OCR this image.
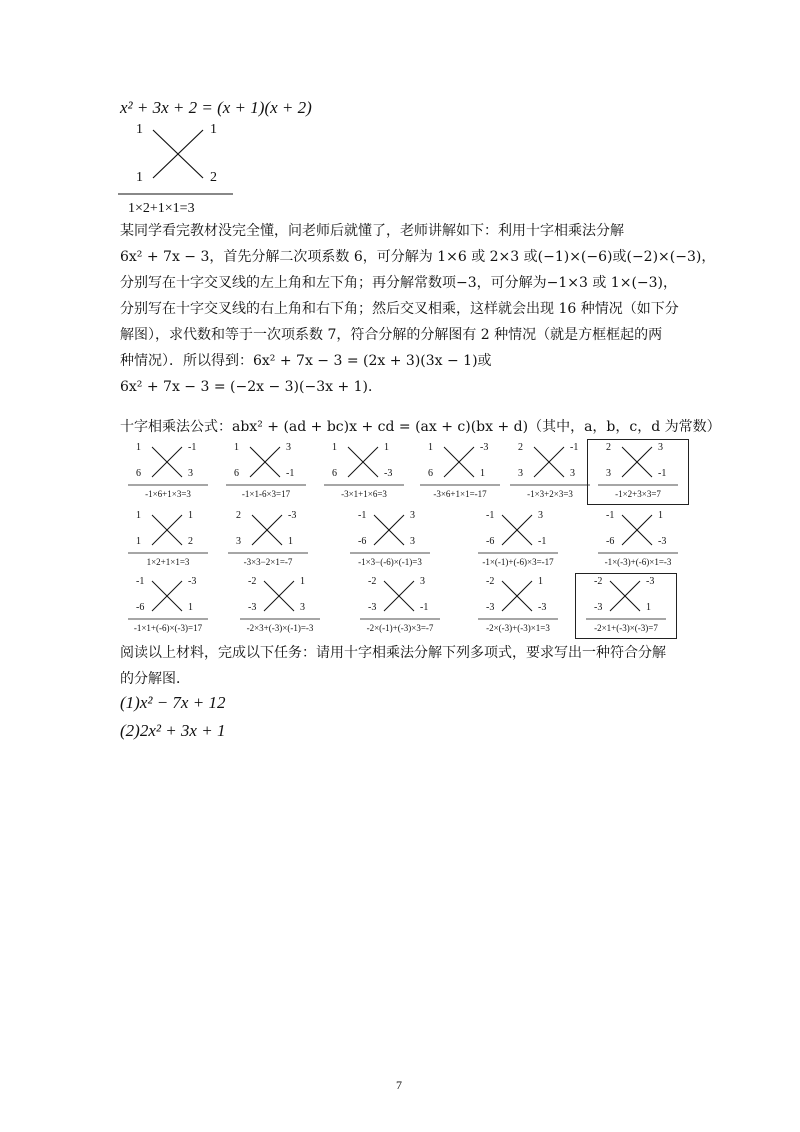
x² + 3x + 2 = (x + 1)(x + 2)
1	1
1	2
1×2+1×1=3
某同学看完教材没完全懂，问老师后就懂了，老师讲解如下：利用十字相乘法分解
6x² + 7x − 3，首先分解二次项系数 6，可分解为 1×6 或 2×3 或(−1)×(−6)或(−2)×(−3)，
分别写在十字交叉线的左上角和左下角；再分解常数项−3，可分解为−1×3 或 1×(−3)，
分别写在十字交叉线的右上角和右下角；然后交叉相乘，这样就会出现 16 种情况（如下分
解图），求代数和等于一次项系数 7，符合分解的分解图有 2 种情况（就是方框框起的两
种情况）．所以得到：6x² + 7x − 3 = (2x + 3)(3x − 1)或
6x² + 7x − 3 = (−2x − 3)(−3x + 1)．
十字相乘法公式：abx² + (ad + bc)x + cd = (ax + c)(bx + d)（其中，a，b，c，d 为常数）
1	-1
6	3
-1×6+1×3=3
1	3
6	-1
-1×1-6×3=17
1	1
6	-3
-3×1+1×6=3
1	-3
6	1
-3×6+1×1=-17
2	-1
3	3
-1×3+2×3=3
2	3
3	-1
-1×2+3×3=7
1	1
1	2
1×2+1×1=3
2	-3
3	1
-3×3−2×1=-7
-1	3
-6	3
-1×3−(-6)×(-1)=3
-1	3
-6	-1
-1×(-1)+(-6)×3=-17
-1	1
-6	-3
-1×(-3)+(-6)×1=-3
-1	-3
-6	1
-1×1+(-6)×(-3)=17
-2	1
-3	3
-2×3+(-3)×(-1)=-3
-2	3
-3	-1
-2×(-1)+(-3)×3=-7
-2	1
-3	-3
-2×(-3)+(-3)×1=3
-2	-3
-3	1
-2×1+(-3)×(-3)=7
阅读以上材料，完成以下任务：请用十字相乘法分解下列多项式，要求写出一种符合分解
的分解图．
(1)x² − 7x + 12
(2)2x² + 3x + 1
7
